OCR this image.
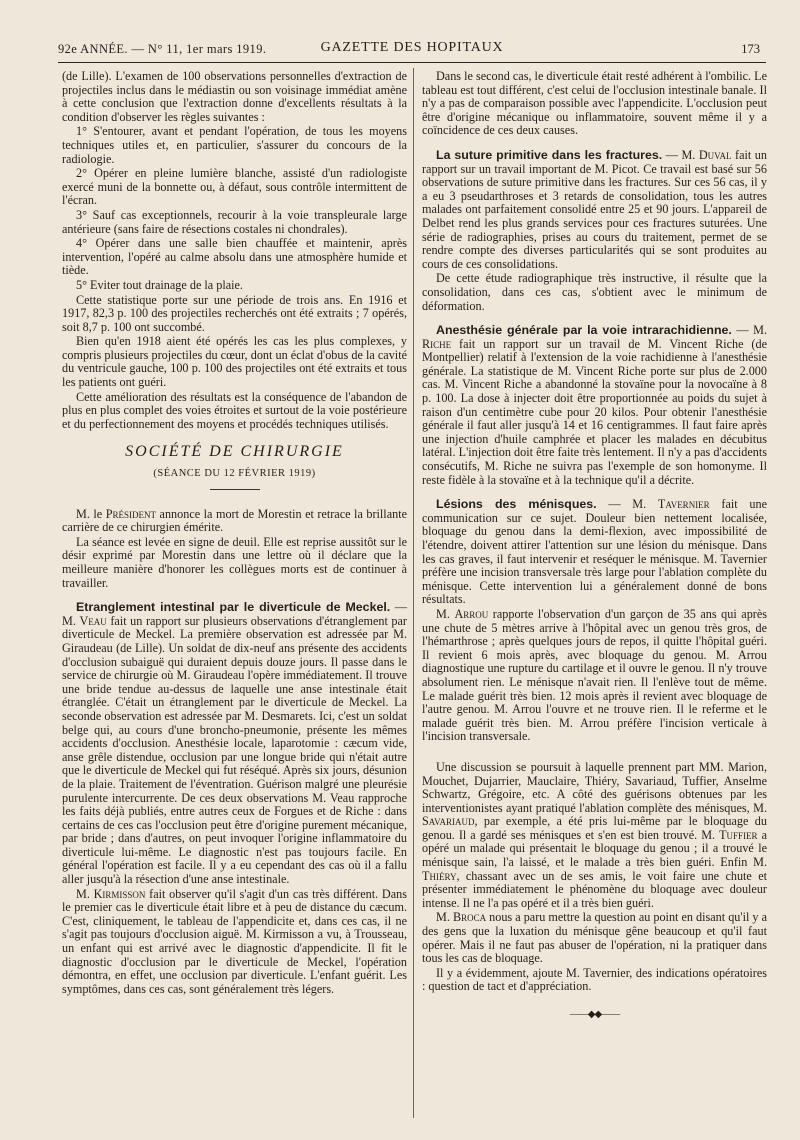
92e ANNÉE. — N° 11, 1er mars 1919.	GAZETTE DES HOPITAUX	173

(de Lille). L'examen de 100 observations personnelles d'extraction de projectiles inclus dans le médiastin ou son voisinage immédiat amène à cette conclusion que l'extraction donne d'excellents résultats à la condition d'observer les règles suivantes :

1° S'entourer, avant et pendant l'opération, de tous les moyens techniques utiles et, en particulier, s'assurer du concours de la radiologie.

2° Opérer en pleine lumière blanche, assisté d'un radiologiste exercé muni de la bonnette ou, à défaut, sous contrôle intermittent de l'écran.

3° Sauf cas exceptionnels, recourir à la voie transpleurale large antérieure (sans faire de résections costales ni chondrales).

4° Opérer dans une salle bien chauffée et maintenir, après intervention, l'opéré au calme absolu dans une atmosphère humide et tiède.

5° Eviter tout drainage de la plaie.

Cette statistique porte sur une période de trois ans. En 1916 et 1917, 82,3 p. 100 des projectiles recherchés ont été extraits ; 7 opérés, soit 8,7 p. 100 ont succombé.

Bien qu'en 1918 aient été opérés les cas les plus complexes, y compris plusieurs projectiles du cœur, dont un éclat d'obus de la cavité du ventricule gauche, 100 p. 100 des projectiles ont été extraits et tous les patients ont guéri.

Cette amélioration des résultats est la conséquence de l'abandon de plus en plus complet des voies étroites et surtout de la voie postérieure et du perfectionnement des moyens et procédés techniques utilisés.

SOCIÉTÉ DE CHIRURGIE
(SÉANCE DU 12 FÉVRIER 1919)

M. le Président annonce la mort de Morestin et retrace la brillante carrière de ce chirurgien émérite.

La séance est levée en signe de deuil. Elle est reprise aussitôt sur le désir exprimé par Morestin dans une lettre où il déclare que la meilleure manière d'honorer les collègues morts est de continuer à travailler.

Etranglement intestinal par le diverticule de Meckel. — M. Veau fait un rapport sur plusieurs observations d'étranglement par diverticule de Meckel. La première observation est adressée par M. Giraudeau (de Lille). Un soldat de dix-neuf ans présente des accidents d'occlusion subaiguë qui duraient depuis douze jours. Il passe dans le service de chirurgie où M. Giraudeau l'opère immédiatement. Il trouve une bride tendue au-dessus de laquelle une anse intestinale était étranglée. C'était un étranglement par le diverticule de Meckel. La seconde observation est adressée par M. Desmarets. Ici, c'est un soldat belge qui, au cours d'une broncho-pneumonie, présente les mêmes accidents d'occlusion. Anesthésie locale, laparotomie : cæcum vide, anse grêle distendue, occlusion par une longue bride qui n'était autre que le diverticule de Meckel qui fut réséqué. Après six jours, désunion de la plaie. Traitement de l'éventration. Guérison malgré une pleurésie purulente intercurrente. De ces deux observations M. Veau rapproche les faits déjà publiés, entre autres ceux de Forgues et de Riche : dans certains de ces cas l'occlusion peut être d'origine purement mécanique, par bride ; dans d'autres, on peut invoquer l'origine inflammatoire du diverticule lui-même. Le diagnostic n'est pas toujours facile. En général l'opération est facile. Il y a eu cependant des cas où il a fallu aller jusqu'à la résection d'une anse intestinale.

M. Kirmisson fait observer qu'il s'agit d'un cas très différent. Dans le premier cas le diverticule était libre et à peu de distance du cæcum. C'est, cliniquement, le tableau de l'appendicite et, dans ces cas, il ne s'agit pas toujours d'occlusion aiguë. M. Kirmisson a vu, à Trousseau, un enfant qui est arrivé avec le diagnostic d'appendicite. Il fit le diagnostic d'occlusion par le diverticule de Meckel, l'opération démontra, en effet, une occlusion par diverticule. L'enfant guérit. Les symptômes, dans ces cas, sont généralement très légers.

Dans le second cas, le diverticule était resté adhérent à l'ombilic. Le tableau est tout différent, c'est celui de l'occlusion intestinale banale. Il n'y a pas de comparaison possible avec l'appendicite. L'occlusion peut être d'origine mécanique ou inflammatoire, souvent même il y a coïncidence de ces deux causes.

La suture primitive dans les fractures. — M. Duval fait un rapport sur un travail important de M. Picot. Ce travail est basé sur 56 observations de suture primitive dans les fractures. Sur ces 56 cas, il y a eu 3 pseudarthroses et 3 retards de consolidation, tous les autres malades ont parfaitement consolidé entre 25 et 90 jours. L'appareil de Delbet rend les plus grands services pour ces fractures suturées. Une série de radiographies, prises au cours du traitement, permet de se rendre compte des diverses particularités qui se sont produites au cours de ces consolidations.

De cette étude radiographique très instructive, il résulte que la consolidation, dans ces cas, s'obtient avec le minimum de déformation.

Anesthésie générale par la voie intrarachidienne. — M. Riche fait un rapport sur un travail de M. Vincent Riche (de Montpellier) relatif à l'extension de la voie rachidienne à l'anesthésie générale. La statistique de M. Vincent Riche porte sur plus de 2.000 cas. M. Vincent Riche a abandonné la stovaïne pour la novocaïne à 8 p. 100. La dose à injecter doit être proportionnée au poids du sujet à raison d'un centimètre cube pour 20 kilos. Pour obtenir l'anesthésie générale il faut aller jusqu'à 14 et 16 centigrammes. Il faut faire après une injection d'huile camphrée et placer les malades en décubitus latéral. L'injection doit être faite très lentement. Il n'y a pas d'accidents consécutifs, M. Riche ne suivra pas l'exemple de son homonyme. Il reste fidèle à la stovaïne et à la technique qu'il a décrite.

Lésions des ménisques. — M. Tavernier fait une communication sur ce sujet. Douleur bien nettement localisée, bloquage du genou dans la demi-flexion, avec impossibilité de l'étendre, doivent attirer l'attention sur une lésion du ménisque. Dans les cas graves, il faut intervenir et reséquer le ménisque. M. Tavernier préfère une incision transversale très large pour l'ablation complète du ménisque. Cette intervention lui a généralement donné de bons résultats.

M. Arrou rapporte l'observation d'un garçon de 35 ans qui après une chute de 5 mètres arrive à l'hôpital avec un genou très gros, de l'hémarthrose ; après quelques jours de repos, il quitte l'hôpital guéri. Il revient 6 mois après, avec bloquage du genou. M. Arrou diagnostique une rupture du cartilage et il ouvre le genou. Il n'y trouve absolument rien. Le ménisque n'avait rien. Il l'enlève tout de même. Le malade guérit très bien. 12 mois après il revient avec bloquage de l'autre genou. M. Arrou l'ouvre et ne trouve rien. Il le referme et le malade guérit très bien. M. Arrou préfère l'incision verticale à l'incision transversale.

Une discussion se poursuit à laquelle prennent part MM. Marion, Mouchet, Dujarrier, Mauclaire, Thiéry, Savariaud, Tuffier, Anselme Schwartz, Grégoire, etc. A côté des guérisons obtenues par les interventionistes ayant pratiqué l'ablation complète des ménisques, M. Savariaud, par exemple, a été pris lui-même par le bloquage du genou. Il a gardé ses ménisques et s'en est bien trouvé. M. Tuffier a opéré un malade qui présentait le bloquage du genou ; il a trouvé le ménisque sain, l'a laissé, et le malade a très bien guéri. Enfin M. Thiéry, chassant avec un de ses amis, le voit faire une chute et présenter immédiatement le phénomène du bloquage avec douleur intense. Il ne l'a pas opéré et il a très bien guéri.

M. Broca nous a paru mettre la question au point en disant qu'il y a des gens que la luxation du ménisque gêne beaucoup et qu'il faut opérer. Mais il ne faut pas abuser de l'opération, ni la pratiquer dans tous les cas de bloquage.

Il y a évidemment, ajoute M. Tavernier, des indications opératoires : question de tact et d'appréciation.

——◆◆——
